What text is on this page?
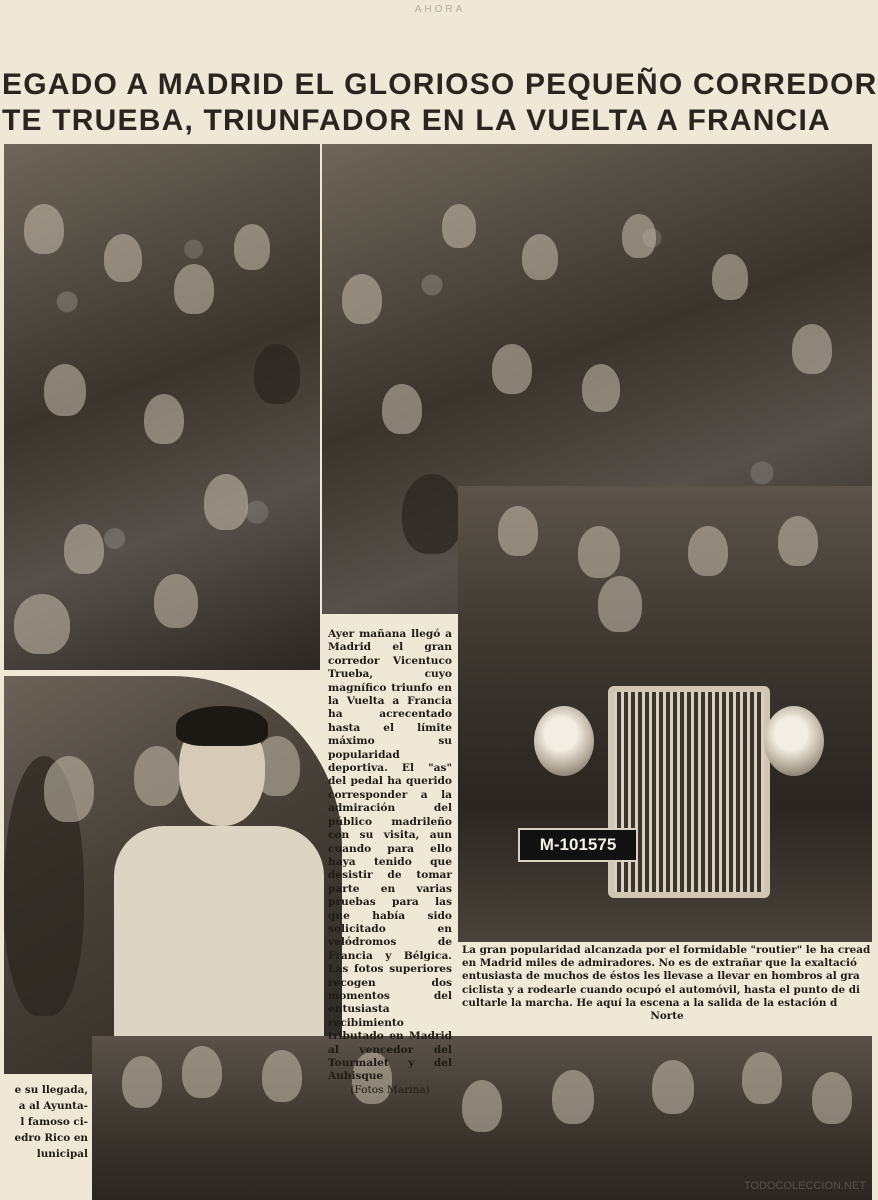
AHORA
EGADO A MADRID EL GLORIOSO PEQUEÑO CORREDOR
TE TRUEBA, TRIUNFADOR EN LA VUELTA A FRANCIA
M-101575
Ayer mañana llegó a Madrid el gran corredor Vicentuco Trueba, cuyo magnífico triunfo en la Vuelta a Francia ha acrecentado hasta el límite máximo su popularidad deportiva. El "as" del pedal ha querido corresponder a la admiración del público madrileño con su visita, aun cuando para ello haya tenido que desistir de tomar parte en varias pruebas para las que había sido solicitado en velódromos de Francia y Bélgica. Las fotos superiores recogen dos momentos del entusiasta recibimiento tributado en Madrid al vencedor del Tourmalet y del Aubisque
(Fotos Marina)
La gran popularidad alcanzada por el formidable "routier" le ha cread
en Madrid miles de admiradores. No es de extrañar que la exaltació
entusiasta de muchos de éstos les llevase a llevar en hombros al gra
ciclista y a rodearle cuando ocupó el automóvil, hasta el punto de di
cultarle la marcha. He aquí la escena a la salida de la estación d
Norte
e su llegada,
a al Ayunta-
l famoso ci-
edro Rico en
lunicipal
TODOCOLECCION.NET
